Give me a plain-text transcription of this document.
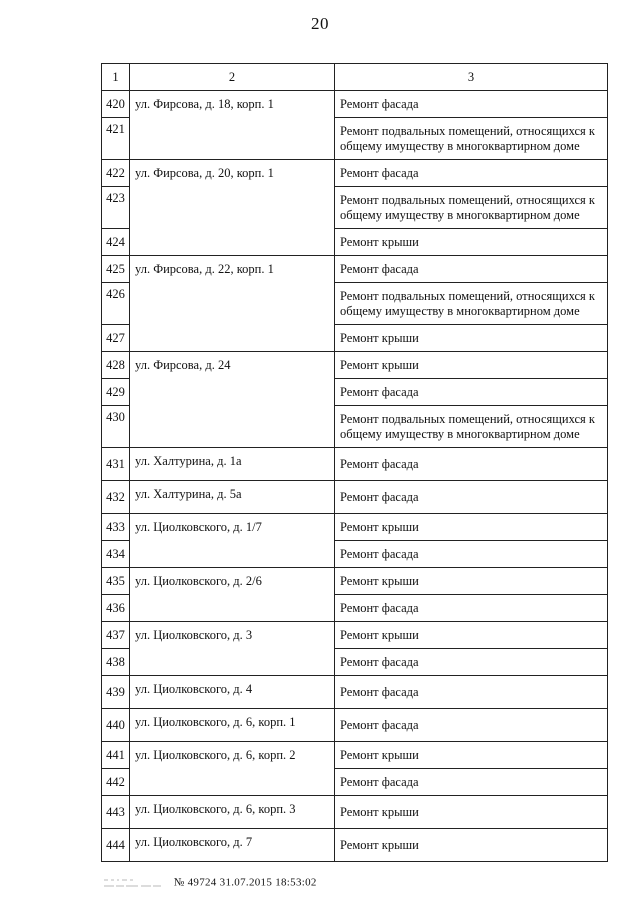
20
1	2	3
420	ул. Фирсова, д. 18, корп. 1	Ремонт фасада
421		Ремонт подвальных помещений, относящихся к общему имуществу в многоквартирном доме
422	ул. Фирсова, д. 20, корп. 1	Ремонт фасада
423		Ремонт подвальных помещений, относящихся к общему имуществу в многоквартирном доме
424		Ремонт крыши
425	ул. Фирсова, д. 22, корп. 1	Ремонт фасада
426		Ремонт подвальных помещений, относящихся к общему имуществу в многоквартирном доме
427		Ремонт крыши
428	ул. Фирсова, д. 24	Ремонт крыши
429		Ремонт фасада
430		Ремонт подвальных помещений, относящихся к общему имуществу в многоквартирном доме
431	ул. Халтурина, д. 1а	Ремонт фасада
432	ул. Халтурина, д. 5а	Ремонт фасада
433	ул. Циолковского, д. 1/7	Ремонт крыши
434		Ремонт фасада
435	ул. Циолковского, д. 2/6	Ремонт крыши
436		Ремонт фасада
437	ул. Циолковского, д. 3	Ремонт крыши
438		Ремонт фасада
439	ул. Циолковского, д. 4	Ремонт фасада
440	ул. Циолковского, д. 6, корп. 1	Ремонт фасада
441	ул. Циолковского, д. 6, корп. 2	Ремонт крыши
442		Ремонт фасада
443	ул. Циолковского, д. 6, корп. 3	Ремонт крыши
444	ул. Циолковского, д. 7	Ремонт крыши
№ 49724 31.07.2015 18:53:02
